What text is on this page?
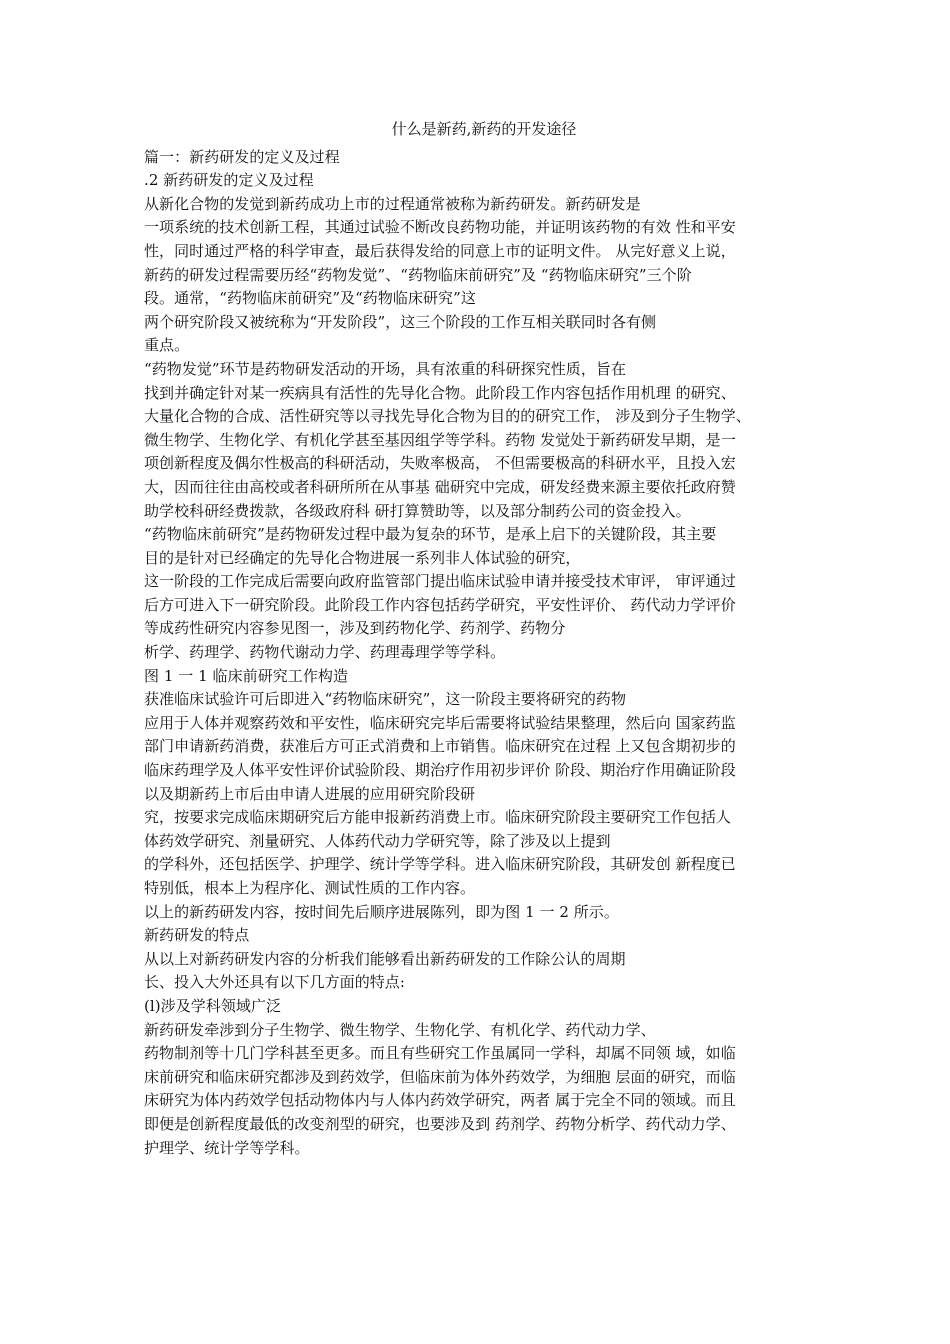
什么是新药,新药的开发途径
篇一：新药研发的定义及过程
.2 新药研发的定义及过程
从新化合物的发觉到新药成功上市的过程通常被称为新药研发。新药研发是
一项系统的技术创新工程，其通过试验不断改良药物功能，并证明该药物的有效 性和平安
性，同时通过严格的科学审查，最后获得发给的同意上市的证明文件。 从完好意义上说，
新药的研发过程需要历经“药物发觉”、“药物临床前研究”及 “药物临床研究”三个阶
段。通常，“药物临床前研究”及“药物临床研究”这
两个研究阶段又被统称为“开发阶段”，这三个阶段的工作互相关联同时各有侧
重点。
“药物发觉”环节是药物研发活动的开场，具有浓重的科研探究性质，旨在
找到并确定针对某一疾病具有活性的先导化合物。此阶段工作内容包括作用机理 的研究、
大量化合物的合成、活性研究等以寻找先导化合物为目的的研究工作， 涉及到分子生物学、
微生物学、生物化学、有机化学甚至基因组学等学科。药物 发觉处于新药研发早期，是一
项创新程度及偶尔性极高的科研活动，失败率极高， 不但需要极高的科研水平，且投入宏
大，因而往往由高校或者科研所所在从事基 础研究中完成，研发经费来源主要依托政府赞
助学校科研经费拨款，各级政府科 研打算赞助等，以及部分制药公司的资金投入。
“药物临床前研究”是药物研发过程中最为复杂的环节，是承上启下的关键阶段，其主要
目的是针对已经确定的先导化合物进展一系列非人体试验的研究，
这一阶段的工作完成后需要向政府监管部门提出临床试验申请并接受技术审评， 审评通过
后方可进入下一研究阶段。此阶段工作内容包括药学研究，平安性评价、 药代动力学评价
等成药性研究内容参见图一，涉及到药物化学、药剂学、药物分
析学、药理学、药物代谢动力学、药理毒理学等学科。
图 1 一 1 临床前研究工作构造
获准临床试验许可后即进入“药物临床研究”，这一阶段主要将研究的药物
应用于人体并观察药效和平安性，临床研究完毕后需要将试验结果整理，然后向 国家药监
部门申请新药消费，获准后方可正式消费和上市销售。临床研究在过程 上又包含期初步的
临床药理学及人体平安性评价试验阶段、期治疗作用初步评价 阶段、期治疗作用确证阶段
以及期新药上市后由申请人进展的应用研究阶段研
究，按要求完成临床期研究后方能申报新药消费上市。临床研究阶段主要研究工作包括人
体药效学研究、剂量研究、人体药代动力学研究等，除了涉及以上提到
的学科外，还包括医学、护理学、统计学等学科。进入临床研究阶段，其研发创 新程度已
特别低，根本上为程序化、测试性质的工作内容。
以上的新药研发内容，按时间先后顺序进展陈列，即为图 1 一 2 所示。
新药研发的特点
从以上对新药研发内容的分析我们能够看出新药研发的工作除公认的周期
长、投入大外还具有以下几方面的特点:
(l)涉及学科领域广泛
新药研发牵涉到分子生物学、微生物学、生物化学、有机化学、药代动力学、
药物制剂等十几门学科甚至更多。而且有些研究工作虽属同一学科，却属不同领 域，如临
床前研究和临床研究都涉及到药效学，但临床前为体外药效学，为细胞 层面的研究，而临
床研究为体内药效学包括动物体内与人体内药效学研究，两者 属于完全不同的领域。而且
即便是创新程度最低的改变剂型的研究，也要涉及到 药剂学、药物分析学、药代动力学、
护理学、统计学等学科。
